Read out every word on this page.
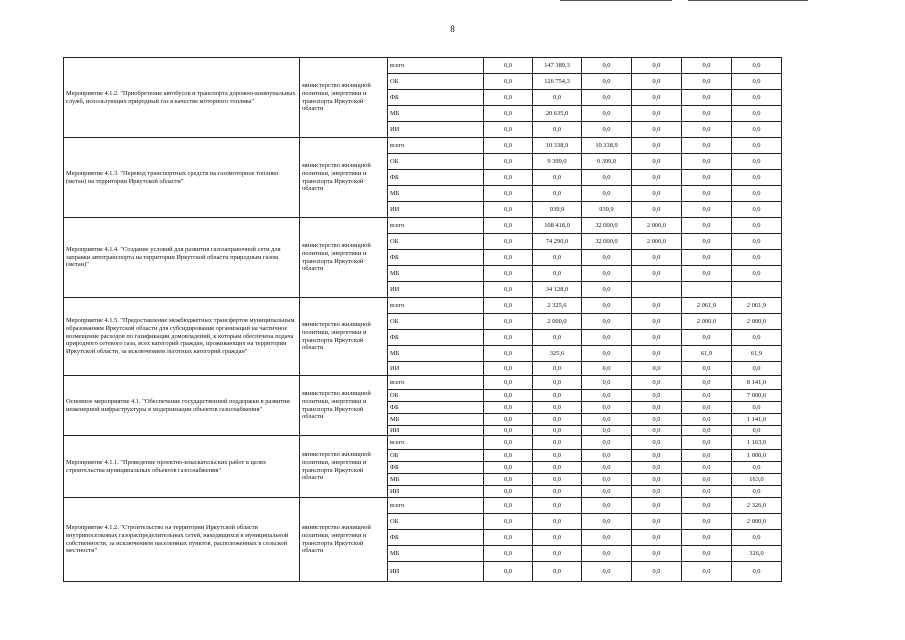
8
Мероприятие 4.1.2. "Приобретение автобусов и транспорта дорожно-коммунальных служб, использующих природный газ в качестве моторного топлива"	министерство жилищной политики, энергетики и транспорта Иркутской области	всего	0,0	147 389,3	0,0	0,0	0,0	0,0
		ОБ	0,0	126 754,3	0,0	0,0	0,0	0,0
		ФБ	0,0	0,0	0,0	0,0	0,0	0,0
		МБ	0,0	20 635,0	0,0	0,0	0,0	0,0
		ИИ	0,0	0,0	0,0	0,0	0,0	0,0
Мероприятие 4.1.3. "Перевод транспортных средств на газомоторное топливо (метан) на территории Иркутской области"	министерство жилищной политики, энергетики и транспорта Иркутской области	всего	0,0	10 338,9	10 338,9	0,0	0,0	0,0
		ОБ	0,0	9 399,0	9 399,0	0,0	0,0	0,0
		ФБ	0,0	0,0	0,0	0,0	0,0	0,0
		МБ	0,0	0,0	0,0	0,0	0,0	0,0
		ИИ	0,0	939,9	939,9	0,0	0,0	0,0
Мероприятие 4.1.4. "Создание условий для развития газозаправочной сети для заправки автотранспорта на территории Иркутской области природным газом (метан)"	министерство жилищной политики, энергетики и транспорта Иркутской области	всего	0,0	108 418,0	32 000,0	2 000,0	0,0	0,0
		ОБ	0,0	74 290,0	32 000,0	2 000,0	0,0	0,0
		ФБ	0,0	0,0	0,0	0,0	0,0	0,0
		МБ	0,0	0,0	0,0	0,0	0,0	0,0
		ИИ	0,0	34 128,0	0,0			
Мероприятие 4.1.5. "Предоставление межбюджетных трансфертов муниципальным образованиям Иркутской области для субсидирования организаций на частичное возмещение расходов по газификации домовладений, к которым обеспечена подача природного сетевого газа, всех категорий граждан, проживающих на территории Иркутской области, за исключением льготных категорий граждан"	министерство жилищной политики, энергетики и транспорта Иркутской области	всего	0,0	2 325,6	0,0	0,0	2 061,9	2 061,9
		ОБ	0,0	2 000,0	0,0	0,0	2 000,0	2 000,0
		ФБ	0,0	0,0	0,0	0,0	0,0	0,0
		МБ	0,0	325,6	0,0	0,0	61,9	61,9
		ИИ	0,0	0,0	0,0	0,0	0,0	0,0
Основное мероприятие 4.1. "Обеспечение государственной поддержки в развитии инженерной инфраструктуры в модернизации объектов газоснабжения"	министерство жилищной политики, энергетики и транспорта Иркутской области	всего	0,0	0,0	0,0	0,0	0,0	8 141,0
		ОБ	0,0	0,0	0,0	0,0	0,0	7 000,0
		ФБ	0,0	0,0	0,0	0,0	0,0	0,0
		МБ	0,0	0,0	0,0	0,0	0,0	1 141,0
		ИИ	0,0	0,0	0,0	0,0	0,0	0,0
Мероприятие 4.1.1. "Проведение проектно-изыскательских работ в целях строительства муниципальных объектов газоснабжения"	министерство жилищной политики, энергетики и транспорта Иркутской области	всего	0,0	0,0	0,0	0,0	0,0	1 163,0
		ОБ	0,0	0,0	0,0	0,0	0,0	1 000,0
		ФБ	0,0	0,0	0,0	0,0	0,0	0,0
		МБ	0,0	0,0	0,0	0,0	0,0	163,0
		ИИ	0,0	0,0	0,0	0,0	0,0	0,0
Мероприятие 4.1.2. "Строительство на территории Иркутской области внутрипоселковых газораспределительных сетей, находящихся в муниципальной собственности, за исключением населенных пунктов, расположенных в сельской местности"	министерство жилищной политики, энергетики и транспорта Иркутской области	всего	0,0	0,0	0,0	0,0	0,0	2 326,0
		ОБ	0,0	0,0	0,0	0,0	0,0	2 000,0
		ФБ	0,0	0,0	0,0	0,0	0,0	0,0
		МБ	0,0	0,0	0,0	0,0	0,0	326,0
		ИИ	0,0	0,0	0,0	0,0	0,0	0,0
